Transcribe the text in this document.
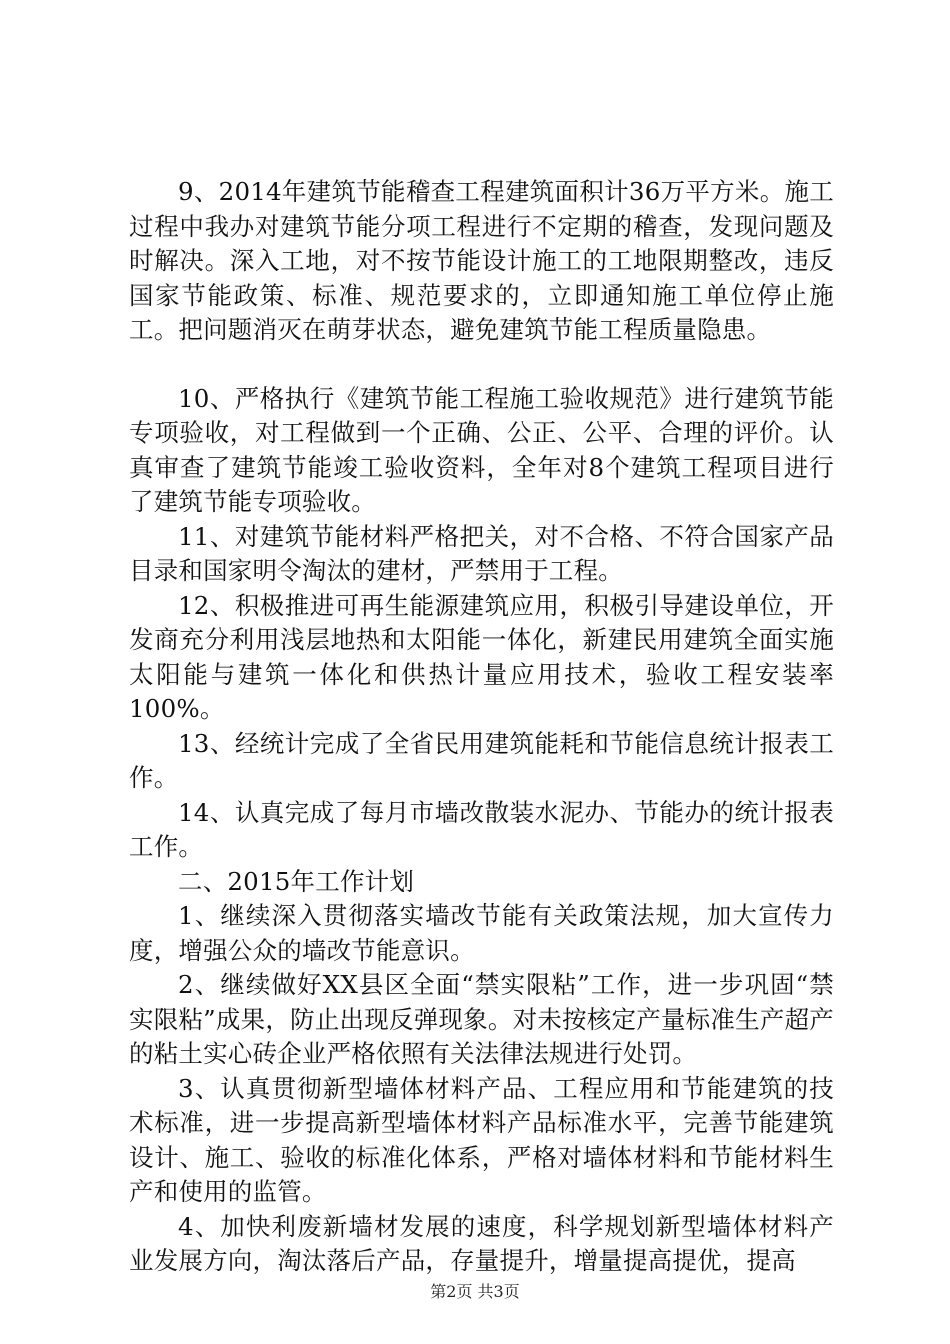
9、2014年建筑节能稽查工程建筑面积计36万平方米。施工过程中我办对建筑节能分项工程进行不定期的稽查，发现问题及时解决。深入工地，对不按节能设计施工的工地限期整改，违反国家节能政策、标准、规范要求的，立即通知施工单位停止施工。把问题消灭在萌芽状态，避免建筑节能工程质量隐患。

10、严格执行《建筑节能工程施工验收规范》进行建筑节能专项验收，对工程做到一个正确、公正、公平、合理的评价。认真审查了建筑节能竣工验收资料，全年对8个建筑工程项目进行了建筑节能专项验收。

11、对建筑节能材料严格把关，对不合格、不符合国家产品目录和国家明令淘汰的建材，严禁用于工程。

12、积极推进可再生能源建筑应用，积极引导建设单位，开发商充分利用浅层地热和太阳能一体化，新建民用建筑全面实施太阳能与建筑一体化和供热计量应用技术，验收工程安装率100%。

13、经统计完成了全省民用建筑能耗和节能信息统计报表工作。

14、认真完成了每月市墙改散装水泥办、节能办的统计报表工作。

二、2015年工作计划

1、继续深入贯彻落实墙改节能有关政策法规，加大宣传力度，增强公众的墙改节能意识。

2、继续做好XX县区全面“禁实限粘”工作，进一步巩固“禁实限粘”成果，防止出现反弹现象。对未按核定产量标准生产超产的粘土实心砖企业严格依照有关法律法规进行处罚。

3、认真贯彻新型墙体材料产品、工程应用和节能建筑的技术标准，进一步提高新型墙体材料产品标准水平，完善节能建筑设计、施工、验收的标准化体系，严格对墙体材料和节能材料生产和使用的监管。

4、加快利废新墙材发展的速度，科学规划新型墙体材料产业发展方向，淘汰落后产品，存量提升，增量提高提优，提高

第2页 共3页
